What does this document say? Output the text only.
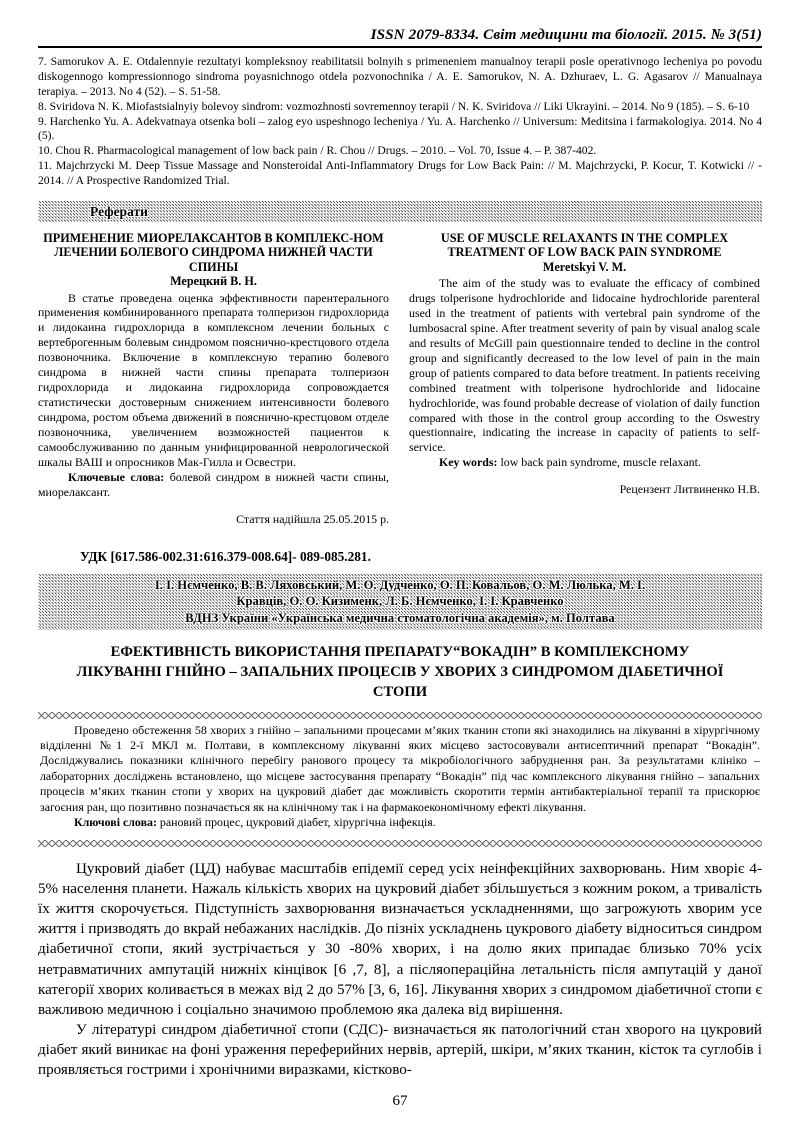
ISSN 2079-8334. Світ медицини та біології. 2015. № 3(51)

7. Samorukov A. E. Otdalennyie rezultatyi kompleksnoy reabilitatsii bolnyih s primeneniem manualnoy terapii posle operativnogo lecheniya po povodu diskogennogo kompressionnogo sindroma poyasnichnogo otdela pozvonochnika / A. E. Samorukov, N. A. Dzhuraev, L. G. Agasarov // Manualnaya terapiya. – 2013. No 4 (52). – S. 51-58.

8. Sviridova N. K. Miofastsialnyiy bolevoy sindrom: vozmozhnosti sovremennoy terapii / N. K. Sviridova // Liki Ukrayini. – 2014. No 9 (185). – S. 6-10

9. Harchenko Yu. A. Adekvatnaya otsenka boli – zalog eyo uspeshnogo lecheniya / Yu. A. Harchenko // Universum: Meditsina i farmakologiya. 2014. No 4 (5).

10. Chou R. Pharmacological management of low back pain / R. Chou // Drugs. – 2010. – Vol. 70, Issue 4. – P. 387-402.

11. Majchrzycki M. Deep Tissue Massage and Nonsteroidal Anti-Inflammatory Drugs for Low Back Pain: // M. Majchrzycki, P. Kocur, T. Kotwicki // - 2014. // A Prospective Randomized Trial.

Реферати

ПРИМЕНЕНИЕ МИОРЕЛАКСАНТОВ В КОМПЛЕКС-НОМ ЛЕЧЕНИИ БОЛЕВОГО СИНДРОМА НИЖНЕЙ ЧАСТИ СПИНЫ

Мерецкий В. Н.

В статье проведена оценка эффективности парентерального применения комбинированного препарата толперизон гидрохлорида и лидокаина гидрохлорида в комплексном лечении больных с вертеброгенным болевым синдромом пояснично-крестцового отдела позвоночника. Включение в комплексную терапию болевого синдрома в нижней части спины препарата толперизон гидрохлорида и лидокаина гидрохлорида сопровождается статистически достоверным снижением интенсивности болевого синдрома, ростом объема движений в пояснично-крестцовом отделе позвоночника, увеличением возможностей пациентов к самообслуживанию по данным унифицированной неврологической шкалы ВАШ и опросников Мак-Гилла и Освестри.

Ключевые слова: болевой синдром в нижней части спины, миорелаксант.

Стаття надійшла 25.05.2015 р.

USE OF MUSCLE RELAXANTS IN THE COMPLEX TREATMENT OF LOW BACK PAIN SYNDROME

Meretskyi V. M.

The aim of the study was to evaluate the efficacy of combined drugs tolperisone hydrochloride and lidocaine hydrochloride parenteral used in the treatment of patients with vertebral pain syndrome of the lumbosacral spine. After treatment severity of pain by visual analog scale and results of McGill pain questionnaire tended to decline in the control group and significantly decreased to the low level of pain in the main group of patients compared to data before treatment. In patients receiving combined treatment with tolperisone hydrochloride and lidocaine hydrochloride, was found probable decrease of violation of daily function compared with those in the control group according to the Oswestry questionnaire, indicating the increase in capacity of patients to self-service.

Key words: low back pain syndrome, muscle relaxant.

Рецензент Литвиненко Н.В.
УДК [617.586-002.31:616.379-008.64]- 089-085.281.
І. І. Нємченко, В. В. Ляховський, М. О. Дудченко, О. П. Ковальов, О. М. Люлька, М. І.
Кравців, О. О. Кизименк, Л. Б. Нємченко, І. І. Кравченко
ВДНЗ України «Українська медична стоматологічна академія», м. Полтава
ЕФЕКТИВНІСТЬ ВИКОРИСТАННЯ ПРЕПАРАТУ“ВОКАДІН” В КОМПЛЕКСНОМУ ЛІКУВАННІ ГНІЙНО – ЗАПАЛЬНИХ ПРОЦЕСІВ У ХВОРИХ З СИНДРОМОМ ДІАБЕТИЧНОЇ СТОПИ

Проведено обстеження 58 хворих з гнійно – запальними процесами м’яких тканин стопи які знаходились на лікуванні в хірургічному відділенні №1 2-ї МКЛ м. Полтави, в комплексному лікуванні яких місцево застосовували антисептичний препарат “Вокадін”. Досліджувались показники клінічного перебігу ранового процесу та мікробіологічного забруднення ран. За результатами клініко – лабораторних досліджень встановлено, що місцеве застосування препарату “Вокадін” під час комплексного лікування гнійно – запальних процесів м’яких тканин стопи у хворих на цукровий діабет дає можливість скоротити термін антибактеріальної терапії та прискорює загоєния ран, що позитивно позначається як на клінічному так і на фармакоекономічному ефекті лікування.

Ключові слова: рановий процес, цукровий діабет, хірургічна інфекція.

Цукровий діабет (ЦД) набуває масштабів епідемії серед усіх неінфекційних захворювань. Ним хворіє 4-5% населення планети. Нажаль кількість хворих на цукровий діабет збільшується з кожним роком, а тривалість їх життя скорочується. Підступність захворювання визначається ускладненнями, що загрожують хворим усе життя і призводять до вкрай небажаних наслідків. До пізніх ускладнень цукрового діабету відноситься синдром діабетичної стопи, який зустрічається у 30 -80% хворих, і на долю яких припадає близько 70% усіх нетравматичних ампутацій нижніх кінцівок [6 ,7, 8], а післяопераційна летальність після ампутацій у даної категорії хворих коливається в межах від 2 до 57% [3, 6, 16]. Лікування хворих з синдромом діабетичної стопи є важливою медичною і соціально значимою проблемою яка далека від вирішення.

У літературі синдром діабетичної стопи (СДС)- визначається як патологічний стан хворого на цукровий діабет який виникає на фоні ураження переферийних нервів, артерій, шкіри, м’яких тканин, кісток та суглобів і проявляється гострими і хронічними виразками, кістково-

67
